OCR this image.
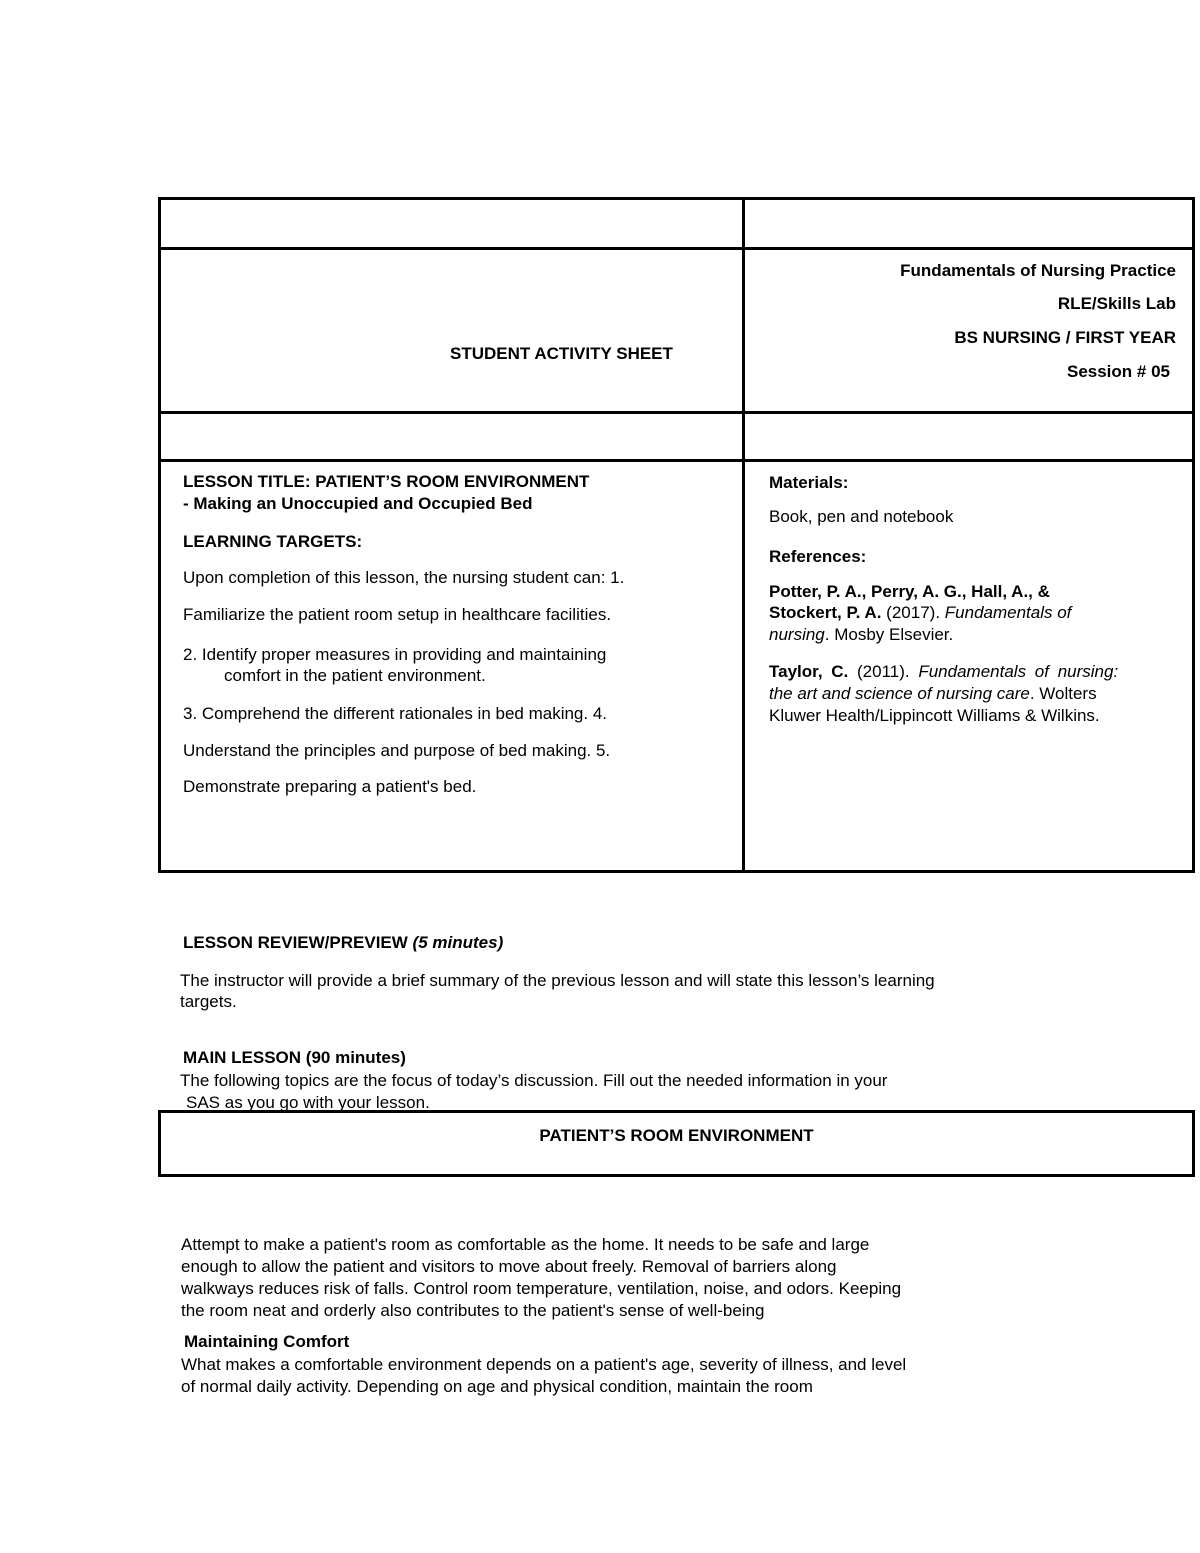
STUDENT ACTIVITY SHEET
Fundamentals of Nursing Practice
RLE/Skills Lab
BS NURSING / FIRST YEAR
Session # 05
LESSON TITLE: PATIENT’S ROOM ENVIRONMENT
- Making an Unoccupied and Occupied Bed
LEARNING TARGETS:
Upon completion of this lesson, the nursing student can: 1.
Familiarize the patient room setup in healthcare facilities.
2. Identify proper measures in providing and maintaining
comfort in the patient environment.
3. Comprehend the different rationales in bed making. 4.
Understand the principles and purpose of bed making. 5.
Demonstrate preparing a patient's bed.
Materials:
Book, pen and notebook
References:
Potter, P. A., Perry, A. G., Hall, A., &
Stockert, P. A. (2017). Fundamentals of
nursing. Mosby Elsevier.
Taylor, C. (2011). Fundamentals of nursing:
the art and science of nursing care. Wolters
Kluwer Health/Lippincott Williams & Wilkins.
LESSON REVIEW/PREVIEW (5 minutes)
The instructor will provide a brief summary of the previous lesson and will state this lesson’s learning
targets.
MAIN LESSON (90 minutes)
The following topics are the focus of today’s discussion. Fill out the needed information in your
SAS as you go with your lesson.
PATIENT’S ROOM ENVIRONMENT

Attempt to make a patient's room as comfortable as the home. It needs to be safe and large

enough to allow the patient and visitors to move about freely. Removal of barriers along

walkways reduces risk of falls. Control room temperature, ventilation, noise, and odors. Keeping

the room neat and orderly also contributes to the patient's sense of well-being

Maintaining Comfort

What makes a comfortable environment depends on a patient's age, severity of illness, and level

of normal daily activity. Depending on age and physical condition, maintain the room
